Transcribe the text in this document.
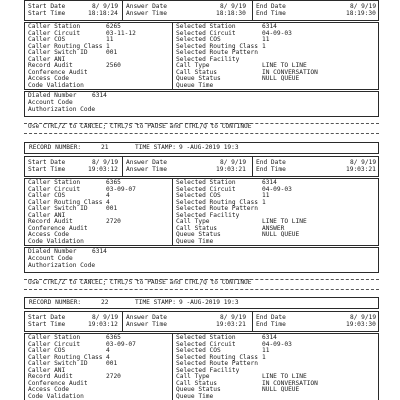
Start Date	8/ 9/19
Start Time	18:18:24
Answer Date	8/ 9/19
Answer Time	18:18:30
End Date	8/ 9/19
End Time	18:19:30
Caller Station	6265
Caller Circuit	03-11-12
Caller COS	11
Caller Routing Class 1
Caller Switch ID	001
Caller ANI
Record Audit	2560
Conference Audit
Access Code
Code Validation
Selected Station	6314
Selected Circuit	04-09-03
Selected COS	11
Selected Routing Class 1
Selected Route Pattern
Selected Facility
Call Type	LINE TO LINE
Call Status	IN CONVERSATION
Queue Status	NULL QUEUE
Queue Time
Dialed Number	6314
Account Code
Authorization Code
Use CTRL/Z to CANCEL; CTRL/S to PAUSE and CTRL/Q to CONTINUE
RECORD NUMBER:	21	TIME STAMP: 9 -AUG-2019 19:3
Start Date	8/ 9/19
Start Time	19:03:12
Answer Date	8/ 9/19
Answer Time	19:03:21
End Date	8/ 9/19
End Time	19:03:21
Caller Station	6365
Caller Circuit	03-09-07
Caller COS	4
Caller Routing Class 4
Caller Switch ID	001
Caller ANI
Record Audit	2720
Conference Audit
Access Code
Code Validation
Selected Station	6314
Selected Circuit	04-09-03
Selected COS	11
Selected Routing Class 1
Selected Route Pattern
Selected Facility
Call Type	LINE TO LINE
Call Status	ANSWER
Queue Status	NULL QUEUE
Queue Time
Dialed Number	6314
Account Code
Authorization Code
Use CTRL/Z to CANCEL; CTRL/S to PAUSE and CTRL/Q to CONTINUE
RECORD NUMBER:	22	TIME STAMP: 9 -AUG-2019 19:3
Start Date	8/ 9/19
Start Time	19:03:12
Answer Date	8/ 9/19
Answer Time	19:03:21
End Date	8/ 9/19
End Time	19:03:30
Caller Station	6365
Caller Circuit	03-09-07
Caller COS	4
Caller Routing Class 4
Caller Switch ID	001
Caller ANI
Record Audit	2720
Conference Audit
Access Code
Code Validation
Selected Station	6314
Selected Circuit	04-09-03
Selected COS	11
Selected Routing Class 1
Selected Route Pattern
Selected Facility
Call Type	LINE TO LINE
Call Status	IN CONVERSATION
Queue Status	NULL QUEUE
Queue Time
